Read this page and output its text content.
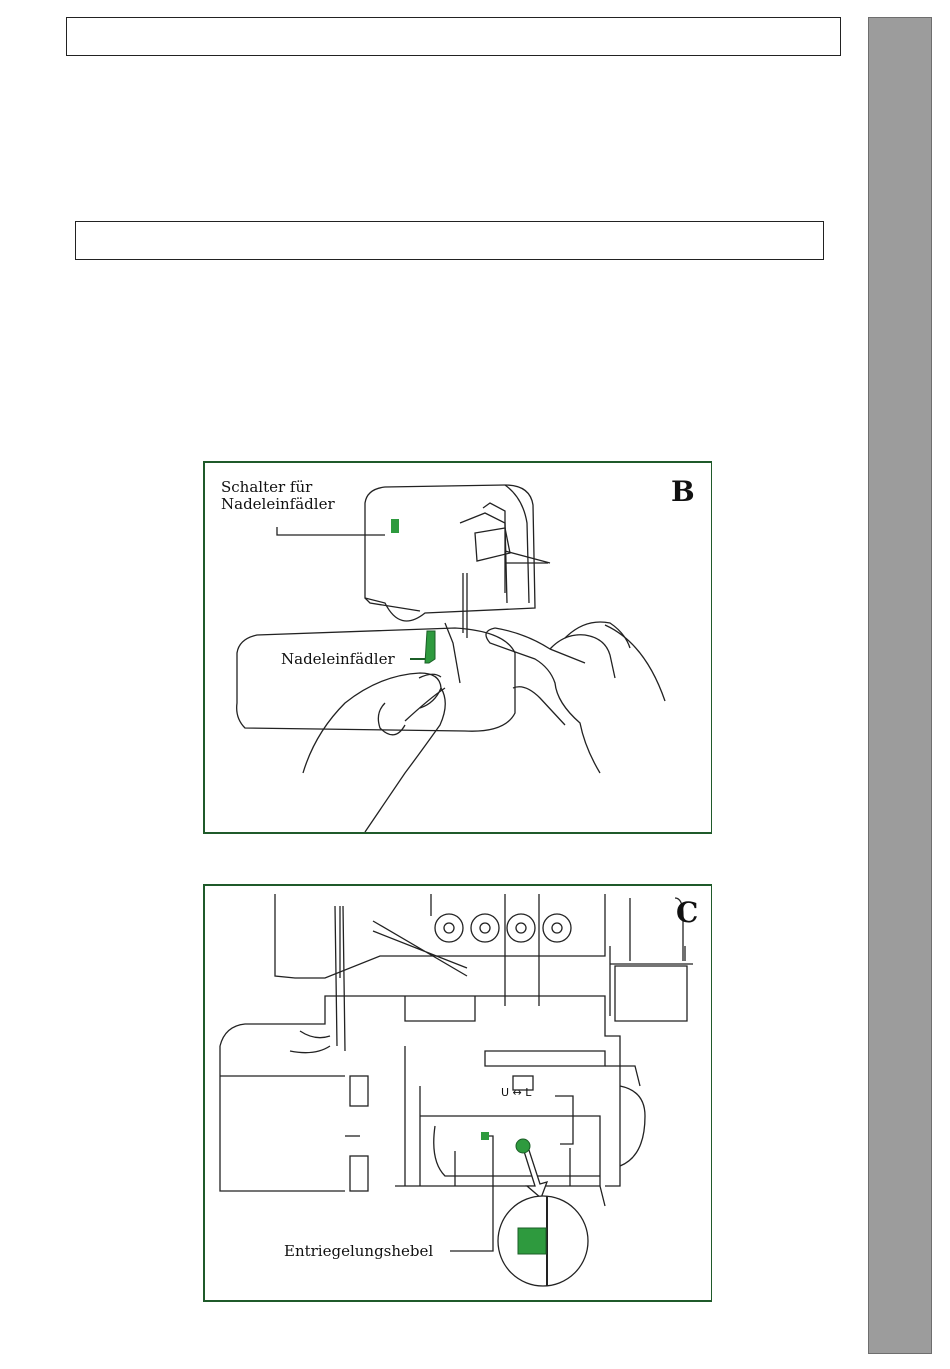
B
Schalter für
Nadeleinfädler
Nadeleinfädler
C
U ↔ L
Entriegelungshebel
